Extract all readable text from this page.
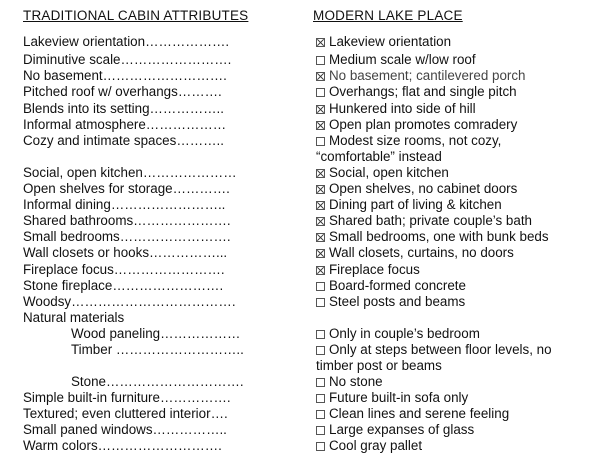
TRADITIONAL CABIN ATTRIBUTES	MODERN LAKE PLACE
Lakeview orientation……………….
Diminutive scale…………………….
No basement……………………….
Pitched roof w/ overhangs……….
Blends into its setting……………..
Informal atmosphere………………
Cozy and intimate spaces………..
Social, open kitchen…………………
Open shelves for storage………….
Informal dining……………………..
Shared bathrooms………………….
Small bedrooms…………………….
Wall closets or hooks……………...
Fireplace focus…………………….
Stone fireplace…………………….
Woodsy……………………………….
Natural materials
Wood paneling………………
Timber ………………………..
Stone………………………….
Simple built-in furniture…………….
Textured; even cluttered interior….
Small paned windows……………..
Warm colors……………………….
Lakeview orientation
Medium scale w/low roof
No basement; cantilevered porch
Overhangs; flat and single pitch
Hunkered into side of hill
Open plan promotes comradery
Modest size rooms, not cozy,
“comfortable” instead
Social, open kitchen
Open shelves, no cabinet doors
Dining part of living & kitchen
Shared bath; private couple’s bath
Small bedrooms, one with bunk beds
Wall closets, curtains, no doors
Fireplace focus
Board-formed concrete
Steel posts and beams
Only in couple’s bedroom
Only at steps between floor levels, no
timber post or beams
No stone
Future built-in sofa only
Clean lines and serene feeling
Large expanses of glass
Cool gray pallet
